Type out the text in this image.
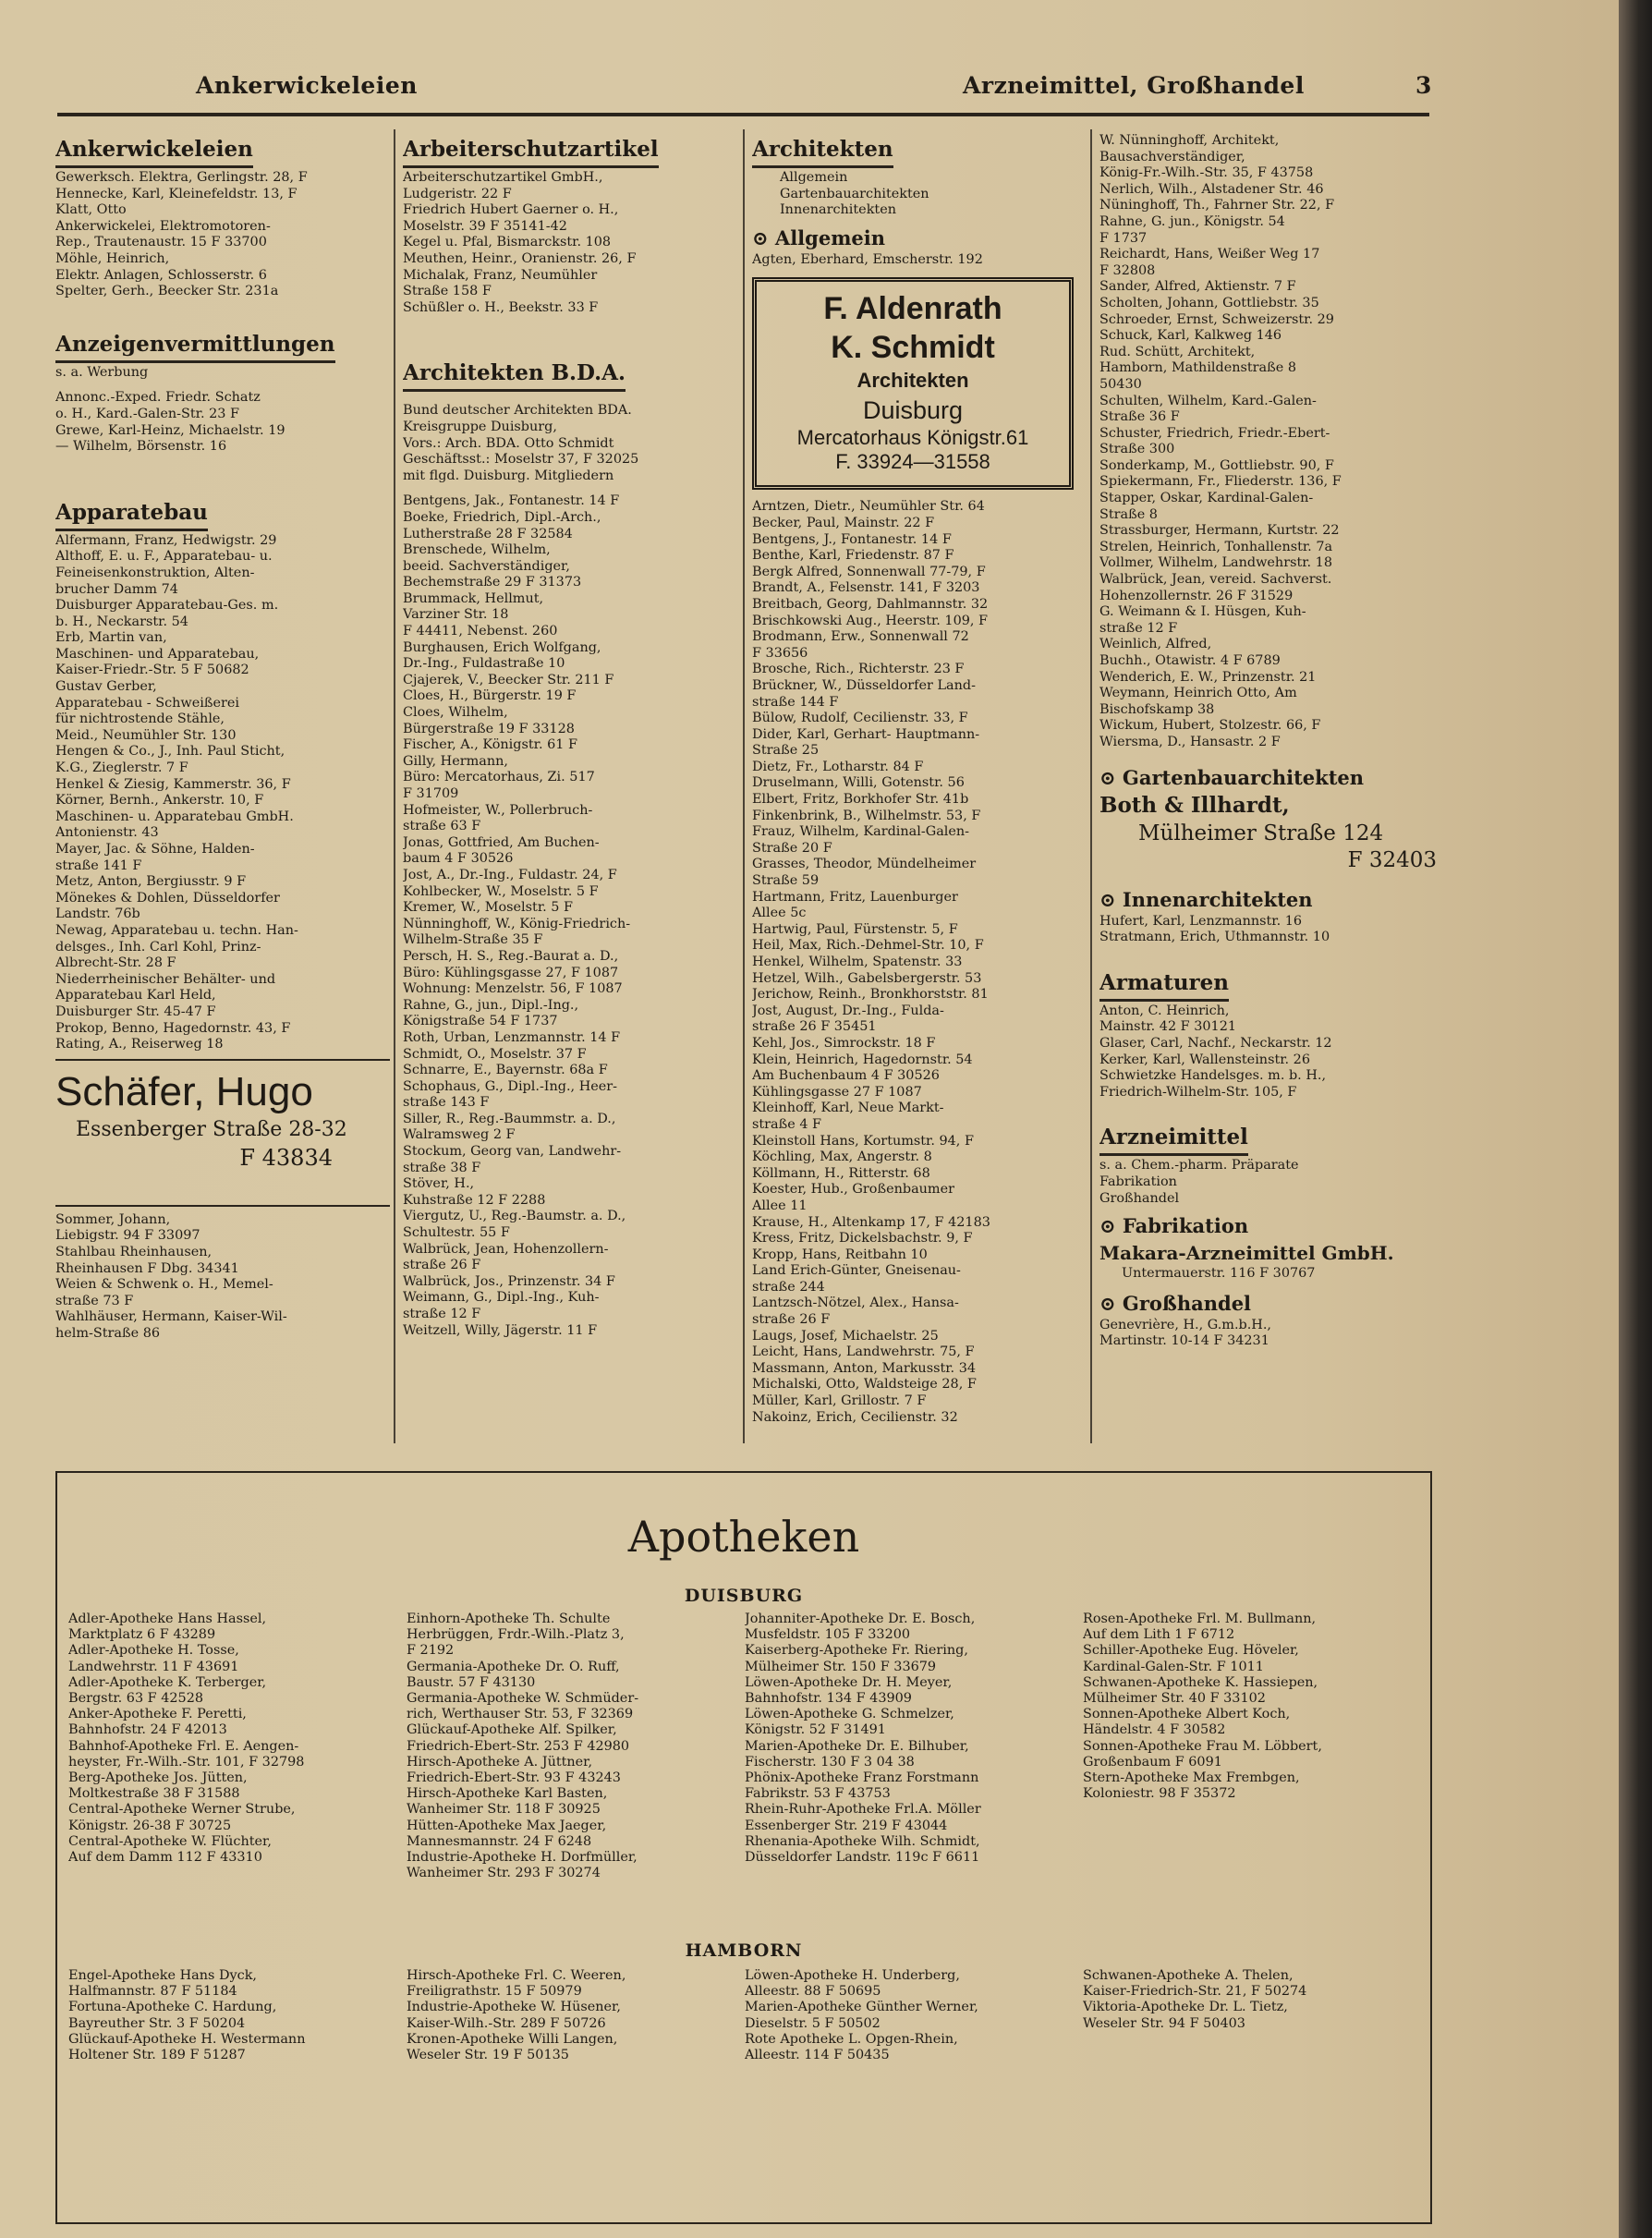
Ankerwickeleien	Arzneimittel, Großhandel	3
Ankerwickeleien
Gewerksch. Elektra, Gerlingstr. 28, F
Hennecke, Karl, Kleinefeldstr. 13, F
Klatt, Otto
Ankerwickelei, Elektromotoren-
Rep., Trautenaustr. 15 F 33700
Möhle, Heinrich,
Elektr. Anlagen, Schlosserstr. 6
Spelter, Gerh., Beecker Str. 231a
Anzeigenvermittlungen
s. a. Werbung
Annonc.-Exped. Friedr. Schatz
o. H., Kard.-Galen-Str. 23 F
Grewe, Karl-Heinz, Michaelstr. 19
— Wilhelm, Börsenstr. 16
Apparatebau
Alfermann, Franz, Hedwigstr. 29
Althoff, E. u. F., Apparatebau- u.
Feineisenkonstruktion, Alten-
brucher Damm 74
Duisburger Apparatebau-Ges. m.
b. H., Neckarstr. 54
Erb, Martin van,
Maschinen- und Apparatebau,
Kaiser-Friedr.-Str. 5 F 50682
Gustav Gerber,
Apparatebau - Schweißerei
für nichtrostende Stähle,
Meid., Neumühler Str. 130
Hengen & Co., J., Inh. Paul Sticht,
K.G., Zieglerstr. 7 F
Henkel & Ziesig, Kammerstr. 36, F
Körner, Bernh., Ankerstr. 10, F
Maschinen- u. Apparatebau GmbH.
Antonienstr. 43
Mayer, Jac. & Söhne, Halden-
straße 141 F
Metz, Anton, Bergiusstr. 9 F
Mönekes & Dohlen, Düsseldorfer
Landstr. 76b
Newag, Apparatebau u. techn. Han-
delsges., Inh. Carl Kohl, Prinz-
Albrecht-Str. 28 F
Niederrheinischer Behälter- und
Apparatebau Karl Held,
Duisburger Str. 45-47 F
Prokop, Benno, Hagedornstr. 43, F
Rating, A., Reiserweg 18
Schäfer, Hugo
Essenberger Straße 28-32
F 43834
Sommer, Johann,
Liebigstr. 94 F 33097
Stahlbau Rheinhausen,
Rheinhausen F Dbg. 34341
Weien & Schwenk o. H., Memel-
straße 73 F
Wahlhäuser, Hermann, Kaiser-Wil-
helm-Straße 86
Arbeiterschutzartikel
Arbeiterschutzartikel GmbH.,
Ludgeristr. 22 F
Friedrich Hubert Gaerner o. H.,
Moselstr. 39 F 35141-42
Kegel u. Pfal, Bismarckstr. 108
Meuthen, Heinr., Oranienstr. 26, F
Michalak, Franz, Neumühler
Straße 158 F
Schüßler o. H., Beekstr. 33 F
Architekten B.D.A.
Bund deutscher Architekten BDA.
Kreisgruppe Duisburg,
Vors.: Arch. BDA. Otto Schmidt
Geschäftsst.: Moselstr 37, F 32025
mit flgd. Duisburg. Mitgliedern
Bentgens, Jak., Fontanestr. 14 F
Boeke, Friedrich, Dipl.-Arch.,
Lutherstraße 28 F 32584
Brenschede, Wilhelm,
beeid. Sachverständiger,
Bechemstraße 29 F 31373
Brummack, Hellmut,
Varziner Str. 18
F 44411, Nebenst. 260
Burghausen, Erich Wolfgang,
Dr.-Ing., Fuldastraße 10
Cjajerek, V., Beecker Str. 211 F
Cloes, H., Bürgerstr. 19 F
Cloes, Wilhelm,
Bürgerstraße 19 F 33128
Fischer, A., Königstr. 61 F
Gilly, Hermann,
Büro: Mercatorhaus, Zi. 517
F 31709
Hofmeister, W., Pollerbruch-
straße 63 F
Jonas, Gottfried, Am Buchen-
baum 4 F 30526
Jost, A., Dr.-Ing., Fuldastr. 24, F
Kohlbecker, W., Moselstr. 5 F
Kremer, W., Moselstr. 5 F
Nünninghoff, W., König-Friedrich-
Wilhelm-Straße 35 F
Persch, H. S., Reg.-Baurat a. D.,
Büro: Kühlingsgasse 27, F 1087
Wohnung: Menzelstr. 56, F 1087
Rahne, G., jun., Dipl.-Ing.,
Königstraße 54 F 1737
Roth, Urban, Lenzmannstr. 14 F
Schmidt, O., Moselstr. 37 F
Schnarre, E., Bayernstr. 68a F
Schophaus, G., Dipl.-Ing., Heer-
straße 143 F
Siller, R., Reg.-Baummstr. a. D.,
Walramsweg 2 F
Stockum, Georg van, Landwehr-
straße 38 F
Stöver, H.,
Kuhstraße 12 F 2288
Viergutz, U., Reg.-Baumstr. a. D.,
Schultestr. 55 F
Walbrück, Jean, Hohenzollern-
straße 26 F
Walbrück, Jos., Prinzenstr. 34 F
Weimann, G., Dipl.-Ing., Kuh-
straße 12 F
Weitzell, Willy, Jägerstr. 11 F
Architekten
Allgemein
Gartenbauarchitekten
Innenarchitekten
⊙ Allgemein
Agten, Eberhard, Emscherstr. 192
F. Aldenrath
K. Schmidt
Architekten
Duisburg
Mercatorhaus Königstr.61
F. 33924—31558
Arntzen, Dietr., Neumühler Str. 64
Becker, Paul, Mainstr. 22 F
Bentgens, J., Fontanestr. 14 F
Benthe, Karl, Friedenstr. 87 F
Bergk Alfred, Sonnenwall 77-79, F
Brandt, A., Felsenstr. 141, F 3203
Breitbach, Georg, Dahlmannstr. 32
Brischkowski Aug., Heerstr. 109, F
Brodmann, Erw., Sonnenwall 72
F 33656
Brosche, Rich., Richterstr. 23 F
Brückner, W., Düsseldorfer Land-
straße 144 F
Bülow, Rudolf, Cecilienstr. 33, F
Dider, Karl, Gerhart- Hauptmann-
Straße 25
Dietz, Fr., Lotharstr. 84 F
Druselmann, Willi, Gotenstr. 56
Elbert, Fritz, Borkhofer Str. 41b
Finkenbrink, B., Wilhelmstr. 53, F
Frauz, Wilhelm, Kardinal-Galen-
Straße 20 F
Grasses, Theodor, Mündelheimer
Straße 59
Hartmann, Fritz, Lauenburger
Allee 5c
Hartwig, Paul, Fürstenstr. 5, F
Heil, Max, Rich.-Dehmel-Str. 10, F
Henkel, Wilhelm, Spatenstr. 33
Hetzel, Wilh., Gabelsbergerstr. 53
Jerichow, Reinh., Bronkhorststr. 81
Jost, August, Dr.-Ing., Fulda-
straße 26 F 35451
Kehl, Jos., Simrockstr. 18 F
Klein, Heinrich, Hagedornstr. 54
Am Buchenbaum 4 F 30526
Kühlingsgasse 27 F 1087
Kleinhoff, Karl, Neue Markt-
straße 4 F
Kleinstoll Hans, Kortumstr. 94, F
Köchling, Max, Angerstr. 8
Köllmann, H., Ritterstr. 68
Koester, Hub., Großenbaumer
Allee 11
Krause, H., Altenkamp 17, F 42183
Kress, Fritz, Dickelsbachstr. 9, F
Kropp, Hans, Reitbahn 10
Land Erich-Günter, Gneisenau-
straße 244
Lantzsch-Nötzel, Alex., Hansa-
straße 26 F
Laugs, Josef, Michaelstr. 25
Leicht, Hans, Landwehrstr. 75, F
Massmann, Anton, Markusstr. 34
Michalski, Otto, Waldsteige 28, F
Müller, Karl, Grillostr. 7 F
Nakoinz, Erich, Cecilienstr. 32
W. Nünninghoff, Architekt,
Bausachverständiger,
König-Fr.-Wilh.-Str. 35, F 43758
Nerlich, Wilh., Alstadener Str. 46
Nüninghoff, Th., Fahrner Str. 22, F
Rahne, G. jun., Königstr. 54
F 1737
Reichardt, Hans, Weißer Weg 17
F 32808
Sander, Alfred, Aktienstr. 7 F
Scholten, Johann, Gottliebstr. 35
Schroeder, Ernst, Schweizerstr. 29
Schuck, Karl, Kalkweg 146
Rud. Schütt, Architekt,
Hamborn, Mathildenstraße 8
50430
Schulten, Wilhelm, Kard.-Galen-
Straße 36 F
Schuster, Friedrich, Friedr.-Ebert-
Straße 300
Sonderkamp, M., Gottliebstr. 90, F
Spiekermann, Fr., Fliederstr. 136, F
Stapper, Oskar, Kardinal-Galen-
Straße 8
Strassburger, Hermann, Kurtstr. 22
Strelen, Heinrich, Tonhallenstr. 7a
Vollmer, Wilhelm, Landwehrstr. 18
Walbrück, Jean, vereid. Sachverst.
Hohenzollernstr. 26 F 31529
G. Weimann & I. Hüsgen, Kuh-
straße 12 F
Weinlich, Alfred,
Buchh., Otawistr. 4 F 6789
Wenderich, E. W., Prinzenstr. 21
Weymann, Heinrich Otto, Am
Bischofskamp 38
Wickum, Hubert, Stolzestr. 66, F
Wiersma, D., Hansastr. 2 F
⊙ Gartenbauarchitekten
Both & Illhardt,
Mülheimer Straße 124
F 32403
⊙ Innenarchitekten
Hufert, Karl, Lenzmannstr. 16
Stratmann, Erich, Uthmannstr. 10
Armaturen
Anton, C. Heinrich,
Mainstr. 42 F 30121
Glaser, Carl, Nachf., Neckarstr. 12
Kerker, Karl, Wallensteinstr. 26
Schwietzke Handelsges. m. b. H.,
Friedrich-Wilhelm-Str. 105, F
Arzneimittel
s. a. Chem.-pharm. Präparate
Fabrikation
Großhandel
⊙ Fabrikation
Makara-Arzneimittel GmbH.
Untermauerstr. 116 F 30767
⊙ Großhandel
Genevrière, H., G.m.b.H.,
Martinstr. 10-14 F 34231
Apotheken
DUISBURG
Adler-Apotheke Hans Hassel,
Marktplatz 6 F 43289
Adler-Apotheke H. Tosse,
Landwehrstr. 11 F 43691
Adler-Apotheke K. Terberger,
Bergstr. 63 F 42528
Anker-Apotheke F. Peretti,
Bahnhofstr. 24 F 42013
Bahnhof-Apotheke Frl. E. Aengen-
heyster, Fr.-Wilh.-Str. 101, F 32798
Berg-Apotheke Jos. Jütten,
Moltkestraße 38 F 31588
Central-Apotheke Werner Strube,
Königstr. 26-38 F 30725
Central-Apotheke W. Flüchter,
Auf dem Damm 112 F 43310
Einhorn-Apotheke Th. Schulte
Herbrüggen, Frdr.-Wilh.-Platz 3,
F 2192
Germania-Apotheke Dr. O. Ruff,
Baustr. 57 F 43130
Germania-Apotheke W. Schmüder-
rich, Werthauser Str. 53, F 32369
Glückauf-Apotheke Alf. Spilker,
Friedrich-Ebert-Str. 253 F 42980
Hirsch-Apotheke A. Jüttner,
Friedrich-Ebert-Str. 93 F 43243
Hirsch-Apotheke Karl Basten,
Wanheimer Str. 118 F 30925
Hütten-Apotheke Max Jaeger,
Mannesmannstr. 24 F 6248
Industrie-Apotheke H. Dorfmüller,
Wanheimer Str. 293 F 30274
Johanniter-Apotheke Dr. E. Bosch,
Musfeldstr. 105 F 33200
Kaiserberg-Apotheke Fr. Riering,
Mülheimer Str. 150 F 33679
Löwen-Apotheke Dr. H. Meyer,
Bahnhofstr. 134 F 43909
Löwen-Apotheke G. Schmelzer,
Königstr. 52 F 31491
Marien-Apotheke Dr. E. Bilhuber,
Fischerstr. 130 F 3 04 38
Phönix-Apotheke Franz Forstmann
Fabrikstr. 53 F 43753
Rhein-Ruhr-Apotheke Frl.A. Möller
Essenberger Str. 219 F 43044
Rhenania-Apotheke Wilh. Schmidt,
Düsseldorfer Landstr. 119c F 6611
Rosen-Apotheke Frl. M. Bullmann,
Auf dem Lith 1 F 6712
Schiller-Apotheke Eug. Höveler,
Kardinal-Galen-Str. F 1011
Schwanen-Apotheke K. Hassiepen,
Mülheimer Str. 40 F 33102
Sonnen-Apotheke Albert Koch,
Händelstr. 4 F 30582
Sonnen-Apotheke Frau M. Löbbert,
Großenbaum F 6091
Stern-Apotheke Max Frembgen,
Koloniestr. 98 F 35372
HAMBORN
Engel-Apotheke Hans Dyck,
Halfmannstr. 87 F 51184
Fortuna-Apotheke C. Hardung,
Bayreuther Str. 3 F 50204
Glückauf-Apotheke H. Westermann
Holtener Str. 189 F 51287
Hirsch-Apotheke Frl. C. Weeren,
Freiligrathstr. 15 F 50979
Industrie-Apotheke W. Hüsener,
Kaiser-Wilh.-Str. 289 F 50726
Kronen-Apotheke Willi Langen,
Weseler Str. 19 F 50135
Löwen-Apotheke H. Underberg,
Alleestr. 88 F 50695
Marien-Apotheke Günther Werner,
Dieselstr. 5 F 50502
Rote Apotheke L. Opgen-Rhein,
Alleestr. 114 F 50435
Schwanen-Apotheke A. Thelen,
Kaiser-Friedrich-Str. 21, F 50274
Viktoria-Apotheke Dr. L. Tietz,
Weseler Str. 94 F 50403
